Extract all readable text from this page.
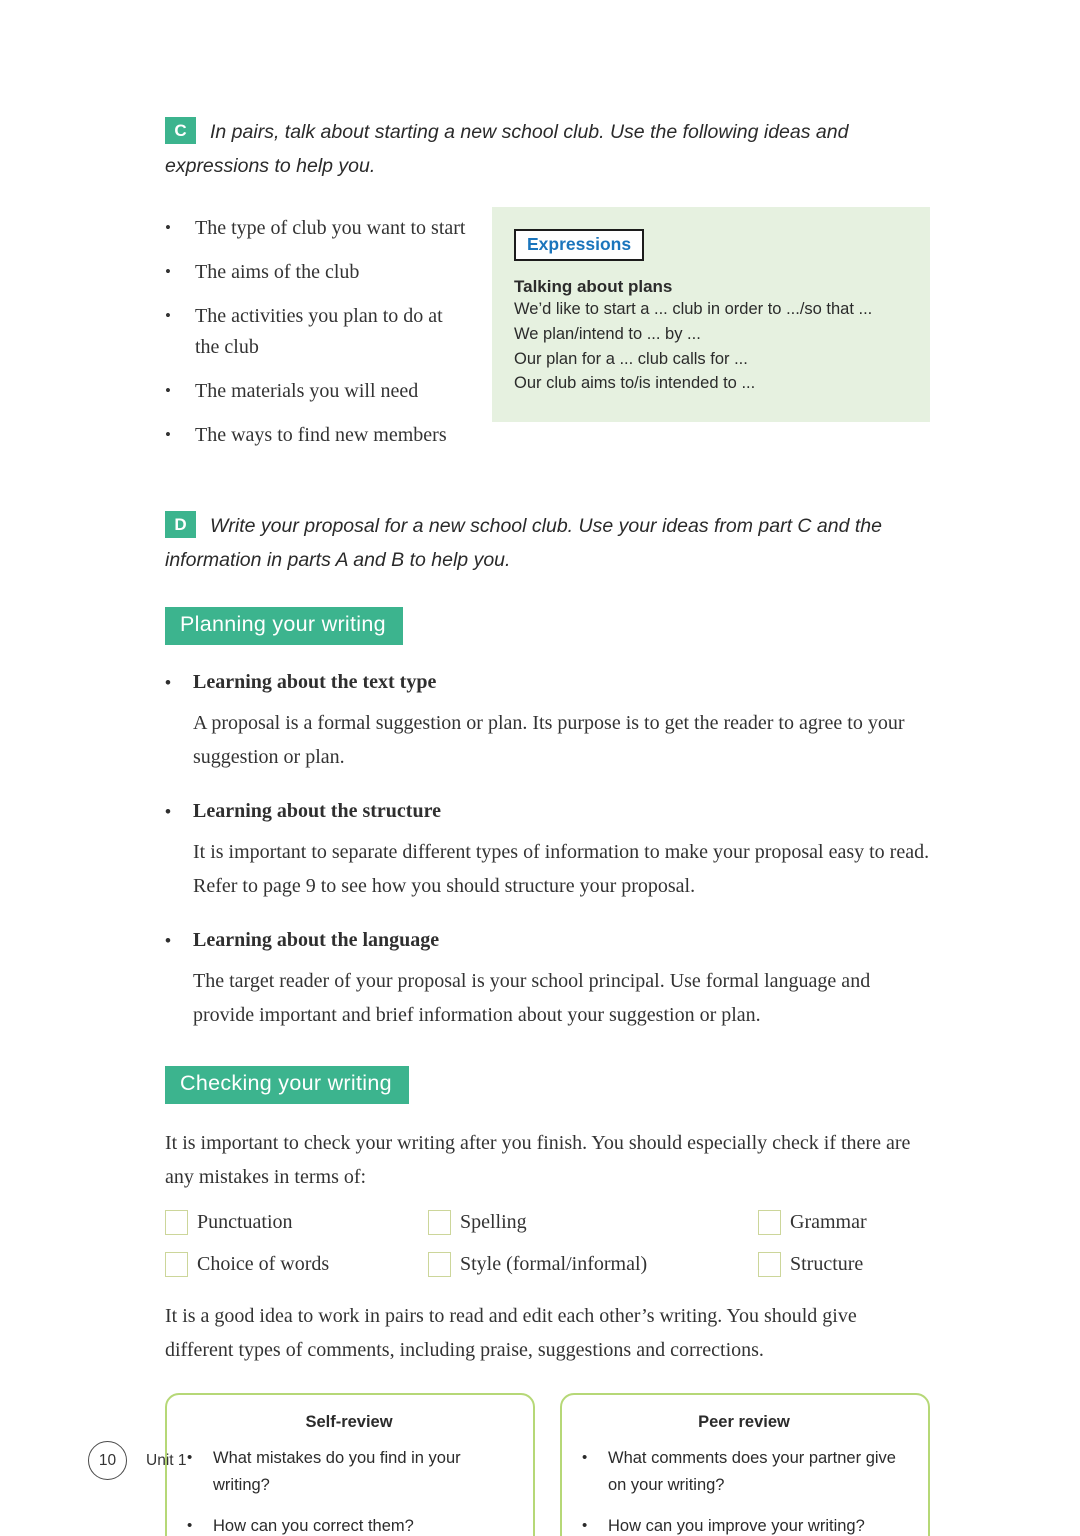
C In pairs, talk about starting a new school club. Use the following ideas and expressions to help you.

•	The type of club you want to start
•	The aims of the club
•	The activities you plan to do at the club
•	The materials you will need
•	The ways to find new members
Expressions
Talking about plans
We’d like to start a ... club in order to .../so that ...
We plan/intend to ... by ...
Our plan for a ... club calls for ...
Our club aims to/is intended to ...

D Write your proposal for a new school club. Use your ideas from part C and the information in parts A and B to help you.

Planning your writing
•	Learning about the text type
A proposal is a formal suggestion or plan. Its purpose is to get the reader to agree to your suggestion or plan.
•	Learning about the structure
It is important to separate different types of information to make your proposal easy to read. Refer to page 9 to see how you should structure your proposal.
•	Learning about the language
The target reader of your proposal is your school principal. Use formal language and provide important and brief information about your suggestion or plan.
Checking your writing

It is important to check your writing after you finish. You should especially check if there are any mistakes in terms of:

Punctuation	Spelling	Grammar
Choice of words	Style (formal/informal)	Structure

It is a good idea to work in pairs to read and edit each other’s writing. You should give different types of comments, including praise, suggestions and corrections.

Self-review
•	What mistakes do you find in your writing?
•	How can you correct them?
Peer review
•	What comments does your partner give on your writing?
•	How can you improve your writing?
10	Unit 1
